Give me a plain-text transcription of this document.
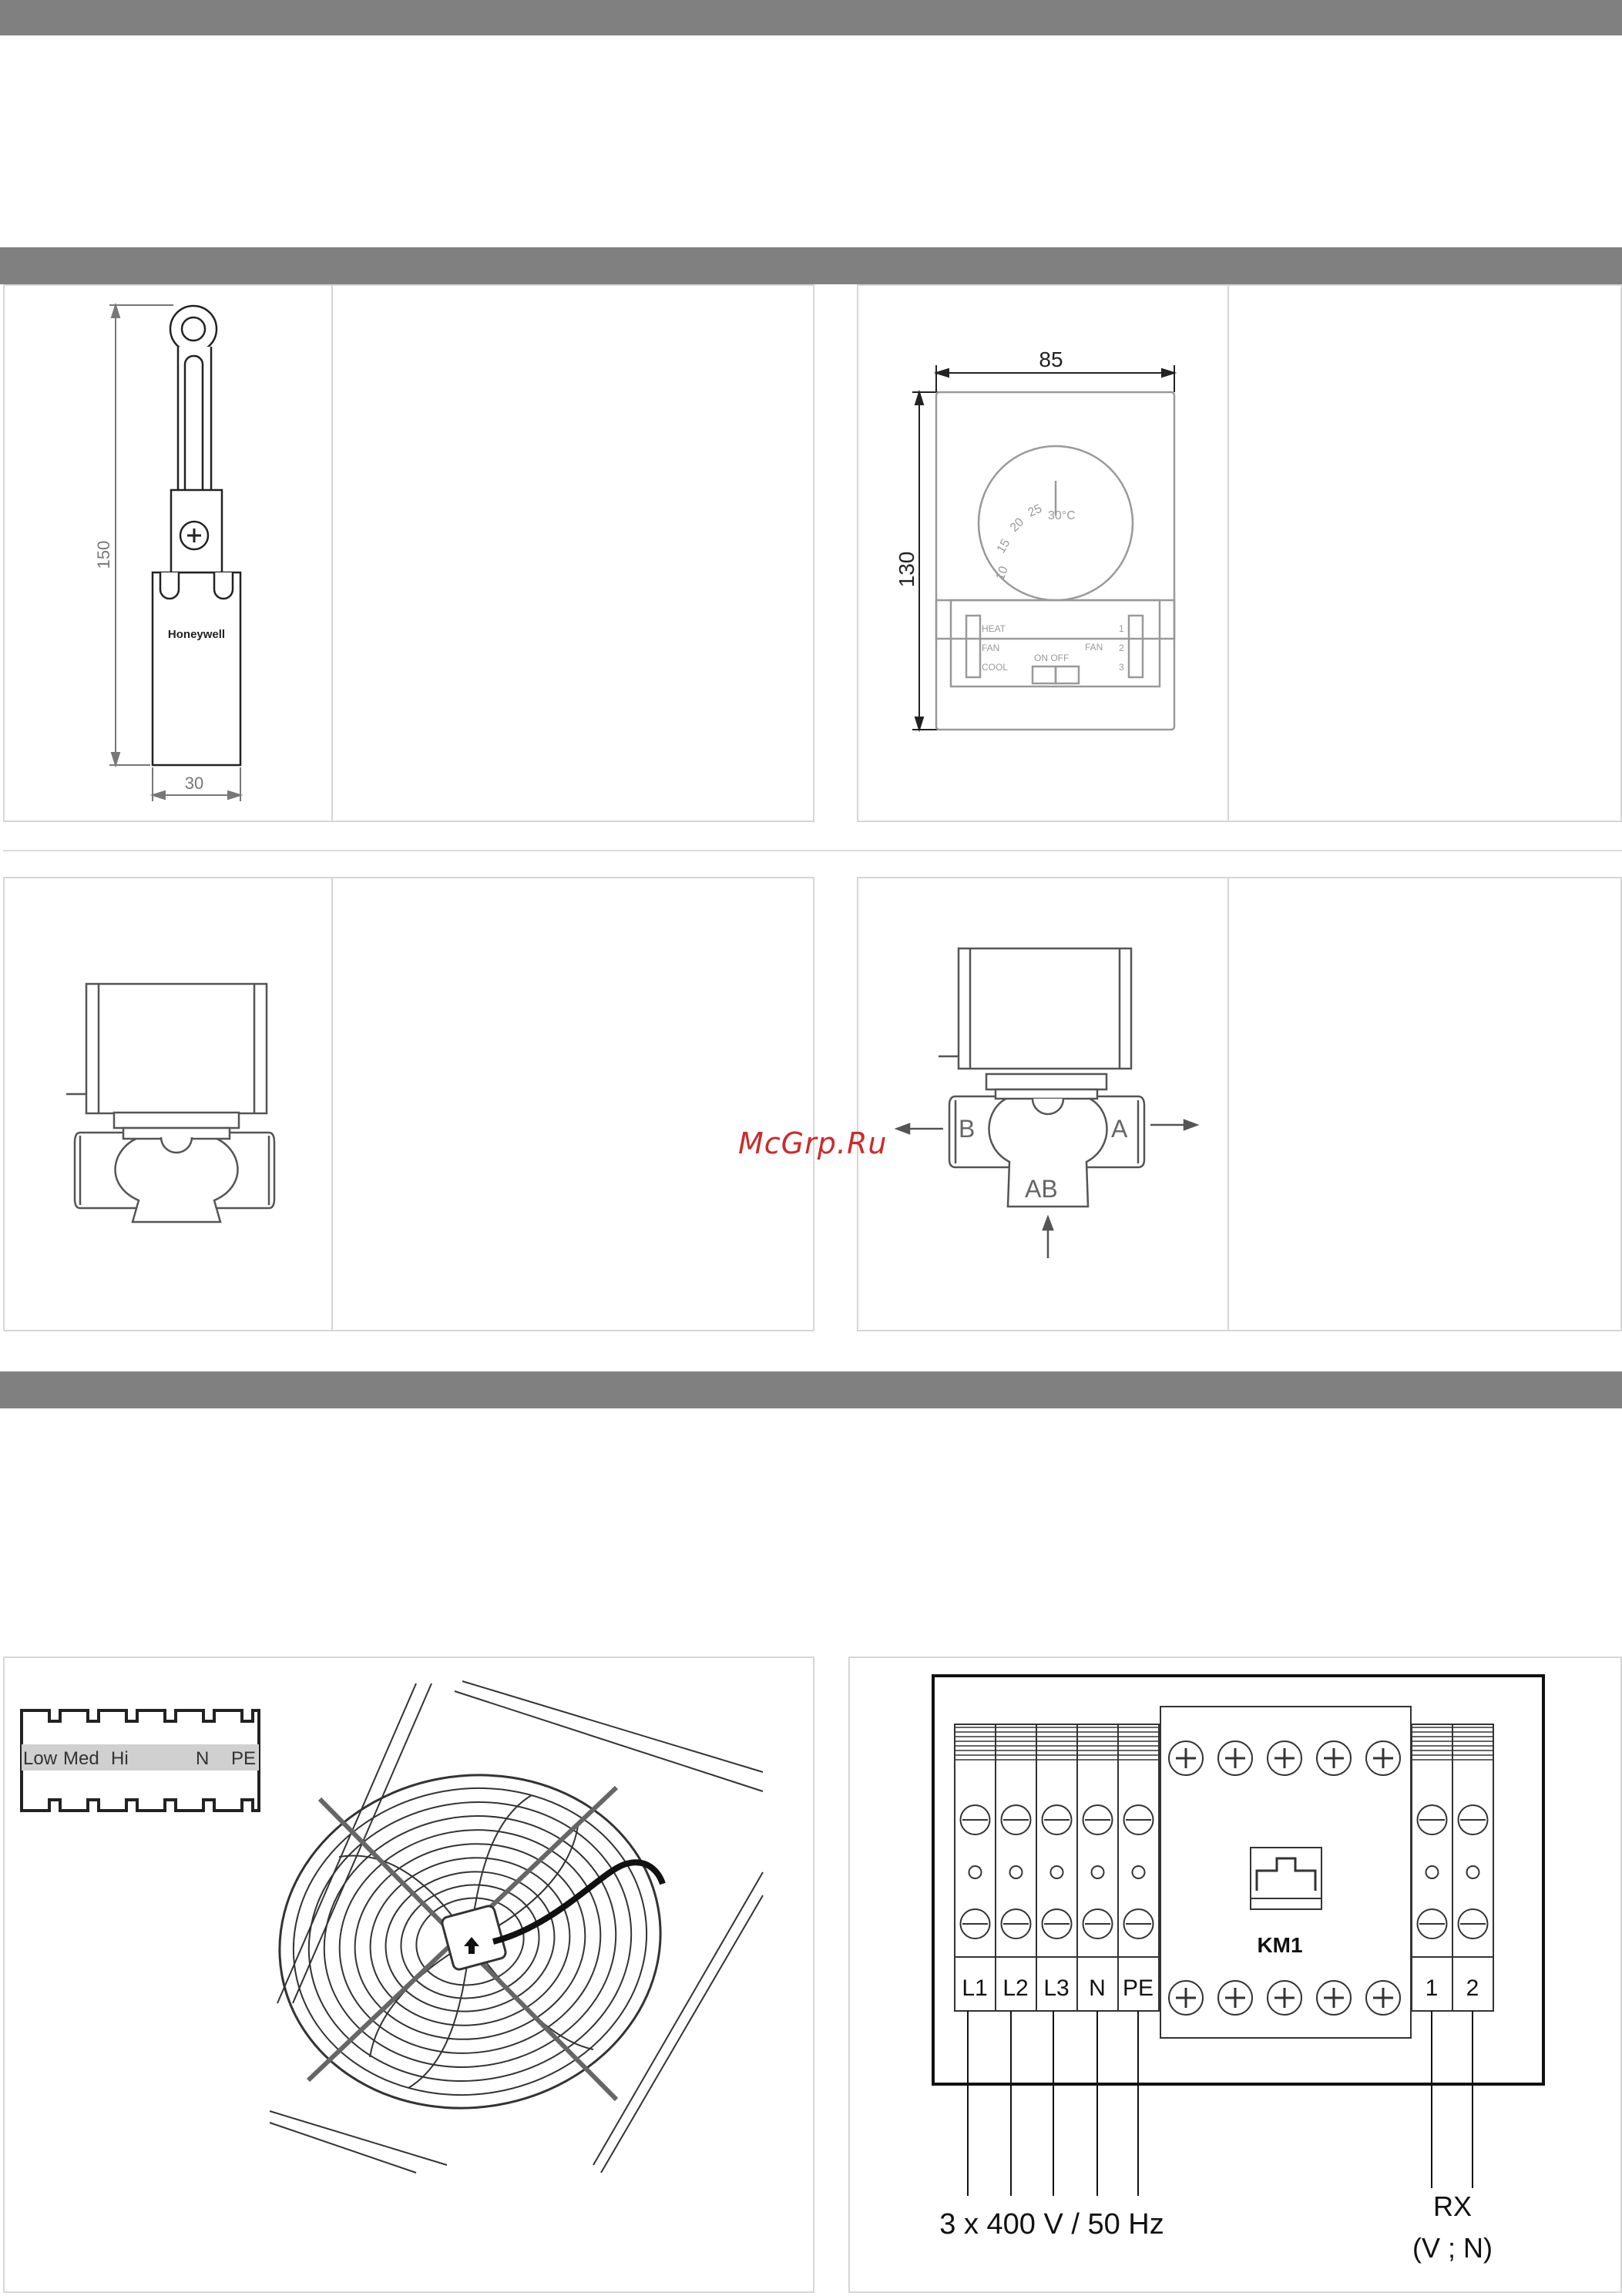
150
30
Honeywell
10
15
20
25 30°C
HEAT
FAN
COOL
ON OFF
FAN
1
2
3
85
130
B	A
AB
McGrp.Ru
Low Med Hi	N PE
KM1
L1 L2 L3 N PE	1 2
3 x 400 V / 50 Hz
RX
(V ; N)
